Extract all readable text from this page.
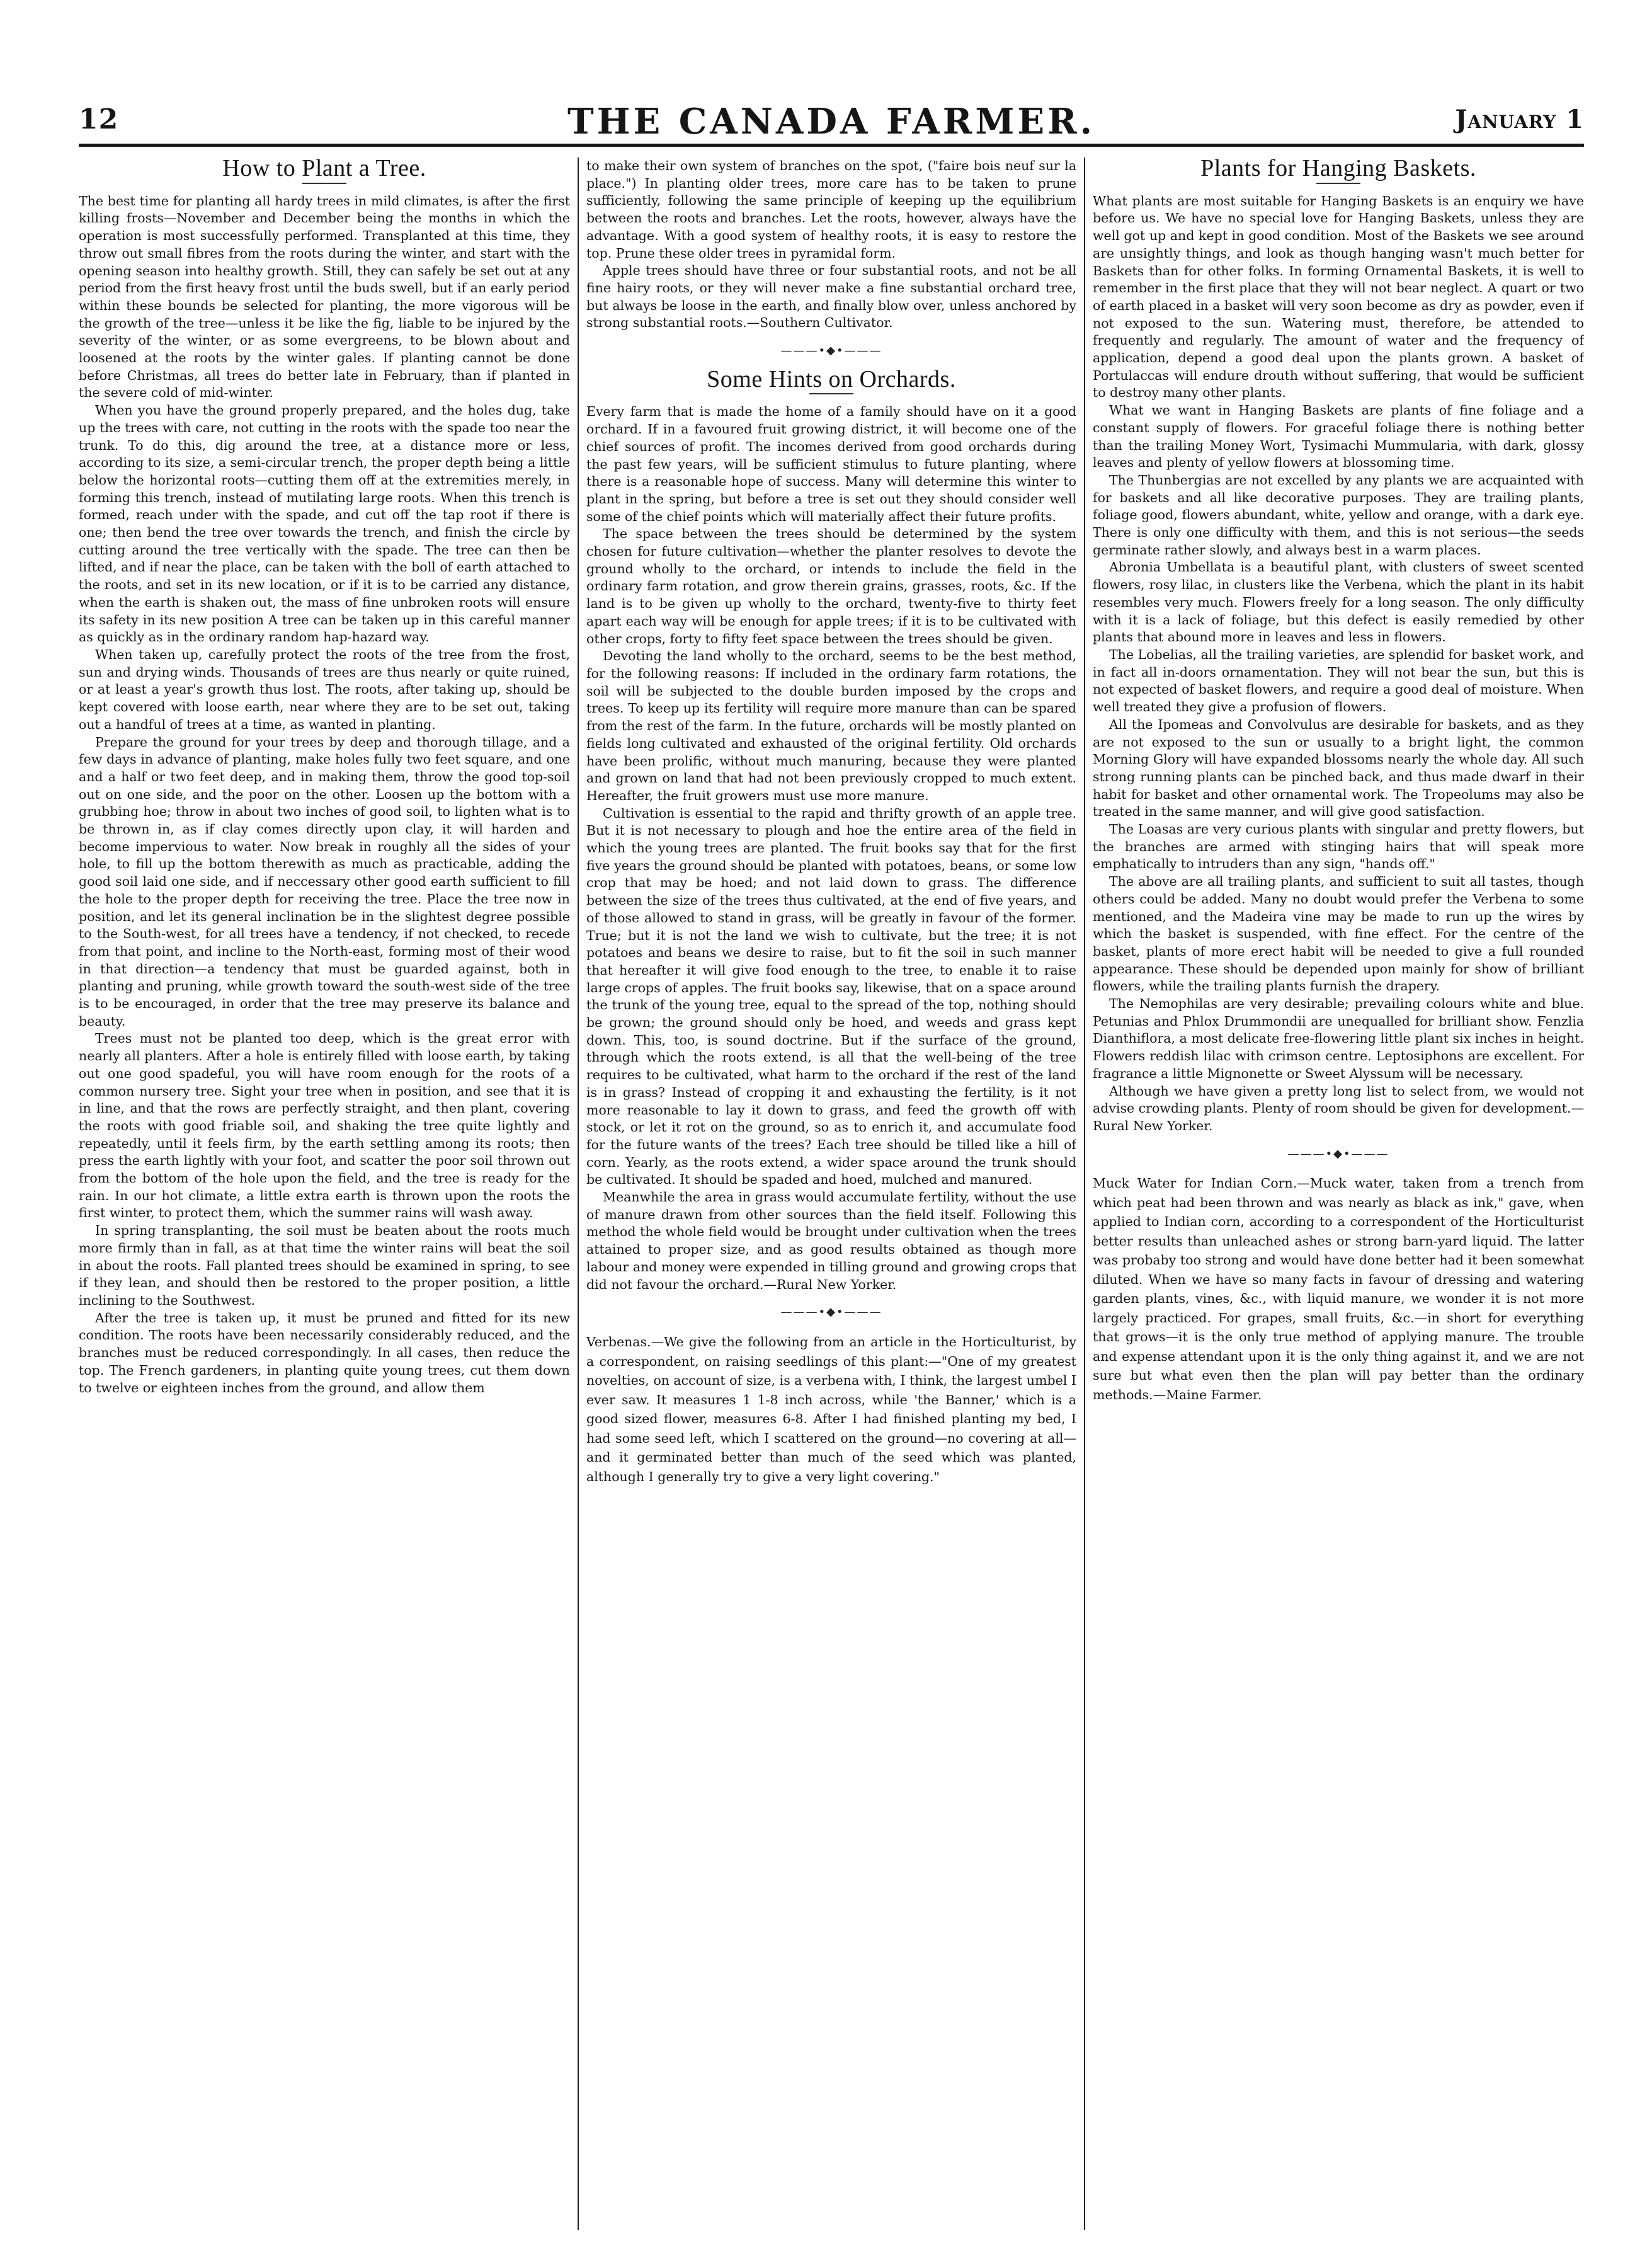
12	THE CANADA FARMER.	January 1
How to Plant a Tree.

The best time for planting all hardy trees in mild climates, is after the first killing frosts—November and December being the months in which the operation is most successfully performed. Transplanted at this time, they throw out small fibres from the roots during the winter, and start with the opening season into healthy growth. Still, they can safely be set out at any period from the first heavy frost until the buds swell, but if an early period within these bounds be selected for planting, the more vigorous will be the growth of the tree—unless it be like the fig, liable to be injured by the severity of the winter, or as some evergreens, to be blown about and loosened at the roots by the winter gales. If planting cannot be done before Christmas, all trees do better late in February, than if planted in the severe cold of mid-winter.

When you have the ground properly prepared, and the holes dug, take up the trees with care, not cutting in the roots with the spade too near the trunk. To do this, dig around the tree, at a distance more or less, according to its size, a semi-circular trench, the proper depth being a little below the horizontal roots—cutting them off at the extremities merely, in forming this trench, instead of mutilating large roots. When this trench is formed, reach under with the spade, and cut off the tap root if there is one; then bend the tree over towards the trench, and finish the circle by cutting around the tree vertically with the spade. The tree can then be lifted, and if near the place, can be taken with the boll of earth attached to the roots, and set in its new location, or if it is to be carried any distance, when the earth is shaken out, the mass of fine unbroken roots will ensure its safety in its new position A tree can be taken up in this careful manner as quickly as in the ordinary random hap-hazard way.

When taken up, carefully protect the roots of the tree from the frost, sun and drying winds. Thousands of trees are thus nearly or quite ruined, or at least a year's growth thus lost. The roots, after taking up, should be kept covered with loose earth, near where they are to be set out, taking out a handful of trees at a time, as wanted in planting.

Prepare the ground for your trees by deep and thorough tillage, and a few days in advance of planting, make holes fully two feet square, and one and a half or two feet deep, and in making them, throw the good top-soil out on one side, and the poor on the other. Loosen up the bottom with a grubbing hoe; throw in about two inches of good soil, to lighten what is to be thrown in, as if clay comes directly upon clay, it will harden and become impervious to water. Now break in roughly all the sides of your hole, to fill up the bottom therewith as much as practicable, adding the good soil laid one side, and if neccessary other good earth sufficient to fill the hole to the proper depth for receiving the tree. Place the tree now in position, and let its general inclination be in the slightest degree possible to the South-west, for all trees have a tendency, if not checked, to recede from that point, and incline to the North-east, forming most of their wood in that direction—a tendency that must be guarded against, both in planting and pruning, while growth toward the south-west side of the tree is to be encouraged, in order that the tree may preserve its balance and beauty.

Trees must not be planted too deep, which is the great error with nearly all planters. After a hole is entirely filled with loose earth, by taking out one good spadeful, you will have room enough for the roots of a common nursery tree. Sight your tree when in position, and see that it is in line, and that the rows are perfectly straight, and then plant, covering the roots with good friable soil, and shaking the tree quite lightly and repeatedly, until it feels firm, by the earth settling among its roots; then press the earth lightly with your foot, and scatter the poor soil thrown out from the bottom of the hole upon the field, and the tree is ready for the rain. In our hot climate, a little extra earth is thrown upon the roots the first winter, to protect them, which the summer rains will wash away.

In spring transplanting, the soil must be beaten about the roots much more firmly than in fall, as at that time the winter rains will beat the soil in about the roots. Fall planted trees should be examined in spring, to see if they lean, and should then be restored to the proper position, a little inclining to the Southwest.

After the tree is taken up, it must be pruned and fitted for its new condition. The roots have been necessarily considerably reduced, and the branches must be reduced correspondingly. In all cases, then reduce the top. The French gardeners, in planting quite young trees, cut them down to twelve or eighteen inches from the ground, and allow them

to make their own system of branches on the spot, ("faire bois neuf sur la place.") In planting older trees, more care has to be taken to prune sufficiently, following the same principle of keeping up the equilibrium between the roots and branches. Let the roots, however, always have the advantage. With a good system of healthy roots, it is easy to restore the top. Prune these older trees in pyramidal form.

Apple trees should have three or four substantial roots, and not be all fine hairy roots, or they will never make a fine substantial orchard tree, but always be loose in the earth, and finally blow over, unless anchored by strong substantial roots.—Southern Cultivator.

———•◆•———
Some Hints on Orchards.

Every farm that is made the home of a family should have on it a good orchard. If in a favoured fruit growing district, it will become one of the chief sources of profit. The incomes derived from good orchards during the past few years, will be sufficient stimulus to future planting, where there is a reasonable hope of success. Many will determine this winter to plant in the spring, but before a tree is set out they should consider well some of the chief points which will materially affect their future profits.

The space between the trees should be determined by the system chosen for future cultivation—whether the planter resolves to devote the ground wholly to the orchard, or intends to include the field in the ordinary farm rotation, and grow therein grains, grasses, roots, &c. If the land is to be given up wholly to the orchard, twenty-five to thirty feet apart each way will be enough for apple trees; if it is to be cultivated with other crops, forty to fifty feet space between the trees should be given.

Devoting the land wholly to the orchard, seems to be the best method, for the following reasons: If included in the ordinary farm rotations, the soil will be subjected to the double burden imposed by the crops and trees. To keep up its fertility will require more manure than can be spared from the rest of the farm. In the future, orchards will be mostly planted on fields long cultivated and exhausted of the original fertility. Old orchards have been prolific, without much manuring, because they were planted and grown on land that had not been previously cropped to much extent. Hereafter, the fruit growers must use more manure.

Cultivation is essential to the rapid and thrifty growth of an apple tree. But it is not necessary to plough and hoe the entire area of the field in which the young trees are planted. The fruit books say that for the first five years the ground should be planted with potatoes, beans, or some low crop that may be hoed; and not laid down to grass. The difference between the size of the trees thus cultivated, at the end of five years, and of those allowed to stand in grass, will be greatly in favour of the former. True; but it is not the land we wish to cultivate, but the tree; it is not potatoes and beans we desire to raise, but to fit the soil in such manner that hereafter it will give food enough to the tree, to enable it to raise large crops of apples. The fruit books say, likewise, that on a space around the trunk of the young tree, equal to the spread of the top, nothing should be grown; the ground should only be hoed, and weeds and grass kept down. This, too, is sound doctrine. But if the surface of the ground, through which the roots extend, is all that the well-being of the tree requires to be cultivated, what harm to the orchard if the rest of the land is in grass? Instead of cropping it and exhausting the fertility, is it not more reasonable to lay it down to grass, and feed the growth off with stock, or let it rot on the ground, so as to enrich it, and accumulate food for the future wants of the trees? Each tree should be tilled like a hill of corn. Yearly, as the roots extend, a wider space around the trunk should be cultivated. It should be spaded and hoed, mulched and manured.

Meanwhile the area in grass would accumulate fertility, without the use of manure drawn from other sources than the field itself. Following this method the whole field would be brought under cultivation when the trees attained to proper size, and as good results obtained as though more labour and money were expended in tilling ground and growing crops that did not favour the orchard.—Rural New Yorker.

———•◆•———

Verbenas.—We give the following from an article in the Horticulturist, by a correspondent, on raising seedlings of this plant:—"One of my greatest novelties, on account of size, is a verbena with, I think, the largest umbel I ever saw. It measures 1 1-8 inch across, while 'the Banner,' which is a good sized flower, measures 6-8. After I had finished planting my bed, I had some seed left, which I scattered on the ground—no covering at all—and it germinated better than much of the seed which was planted, although I generally try to give a very light covering."

Plants for Hanging Baskets.

What plants are most suitable for Hanging Baskets is an enquiry we have before us. We have no special love for Hanging Baskets, unless they are well got up and kept in good condition. Most of the Baskets we see around are unsightly things, and look as though hanging wasn't much better for Baskets than for other folks. In forming Ornamental Baskets, it is well to remember in the first place that they will not bear neglect. A quart or two of earth placed in a basket will very soon become as dry as powder, even if not exposed to the sun. Watering must, therefore, be attended to frequently and regularly. The amount of water and the frequency of application, depend a good deal upon the plants grown. A basket of Portulaccas will endure drouth without suffering, that would be sufficient to destroy many other plants.

What we want in Hanging Baskets are plants of fine foliage and a constant supply of flowers. For graceful foliage there is nothing better than the trailing Money Wort, Tysimachi Mummularia, with dark, glossy leaves and plenty of yellow flowers at blossoming time.

The Thunbergias are not excelled by any plants we are acquainted with for baskets and all like decorative purposes. They are trailing plants, foliage good, flowers abundant, white, yellow and orange, with a dark eye. There is only one difficulty with them, and this is not serious—the seeds germinate rather slowly, and always best in a warm places.

Abronia Umbellata is a beautiful plant, with clusters of sweet scented flowers, rosy lilac, in clusters like the Verbena, which the plant in its habit resembles very much. Flowers freely for a long season. The only difficulty with it is a lack of foliage, but this defect is easily remedied by other plants that abound more in leaves and less in flowers.

The Lobelias, all the trailing varieties, are splendid for basket work, and in fact all in-doors ornamentation. They will not bear the sun, but this is not expected of basket flowers, and require a good deal of moisture. When well treated they give a profusion of flowers.

All the Ipomeas and Convolvulus are desirable for baskets, and as they are not exposed to the sun or usually to a bright light, the common Morning Glory will have expanded blossoms nearly the whole day. All such strong running plants can be pinched back, and thus made dwarf in their habit for basket and other ornamental work. The Tropeolums may also be treated in the same manner, and will give good satisfaction.

The Loasas are very curious plants with singular and pretty flowers, but the branches are armed with stinging hairs that will speak more emphatically to intruders than any sign, "hands off."

The above are all trailing plants, and sufficient to suit all tastes, though others could be added. Many no doubt would prefer the Verbena to some mentioned, and the Madeira vine may be made to run up the wires by which the basket is suspended, with fine effect. For the centre of the basket, plants of more erect habit will be needed to give a full rounded appearance. These should be depended upon mainly for show of brilliant flowers, while the trailing plants furnish the drapery.

The Nemophilas are very desirable; prevailing colours white and blue. Petunias and Phlox Drummondii are unequalled for brilliant show. Fenzlia Dianthiflora, a most delicate free-flowering little plant six inches in height. Flowers reddish lilac with crimson centre. Leptosiphons are excellent. For fragrance a little Mignonette or Sweet Alyssum will be necessary.

Although we have given a pretty long list to select from, we would not advise crowding plants. Plenty of room should be given for development.—Rural New Yorker.

———•◆•———

Muck Water for Indian Corn.—Muck water, taken from a trench from which peat had been thrown and was nearly as black as ink," gave, when applied to Indian corn, according to a correspondent of the Horticulturist better results than unleached ashes or strong barn-yard liquid. The latter was probaby too strong and would have done better had it been somewhat diluted. When we have so many facts in favour of dressing and watering garden plants, vines, &c., with liquid manure, we wonder it is not more largely practiced. For grapes, small fruits, &c.—in short for everything that grows—it is the only true method of applying manure. The trouble and expense attendant upon it is the only thing against it, and we are not sure but what even then the plan will pay better than the ordinary methods.—Maine Farmer.
